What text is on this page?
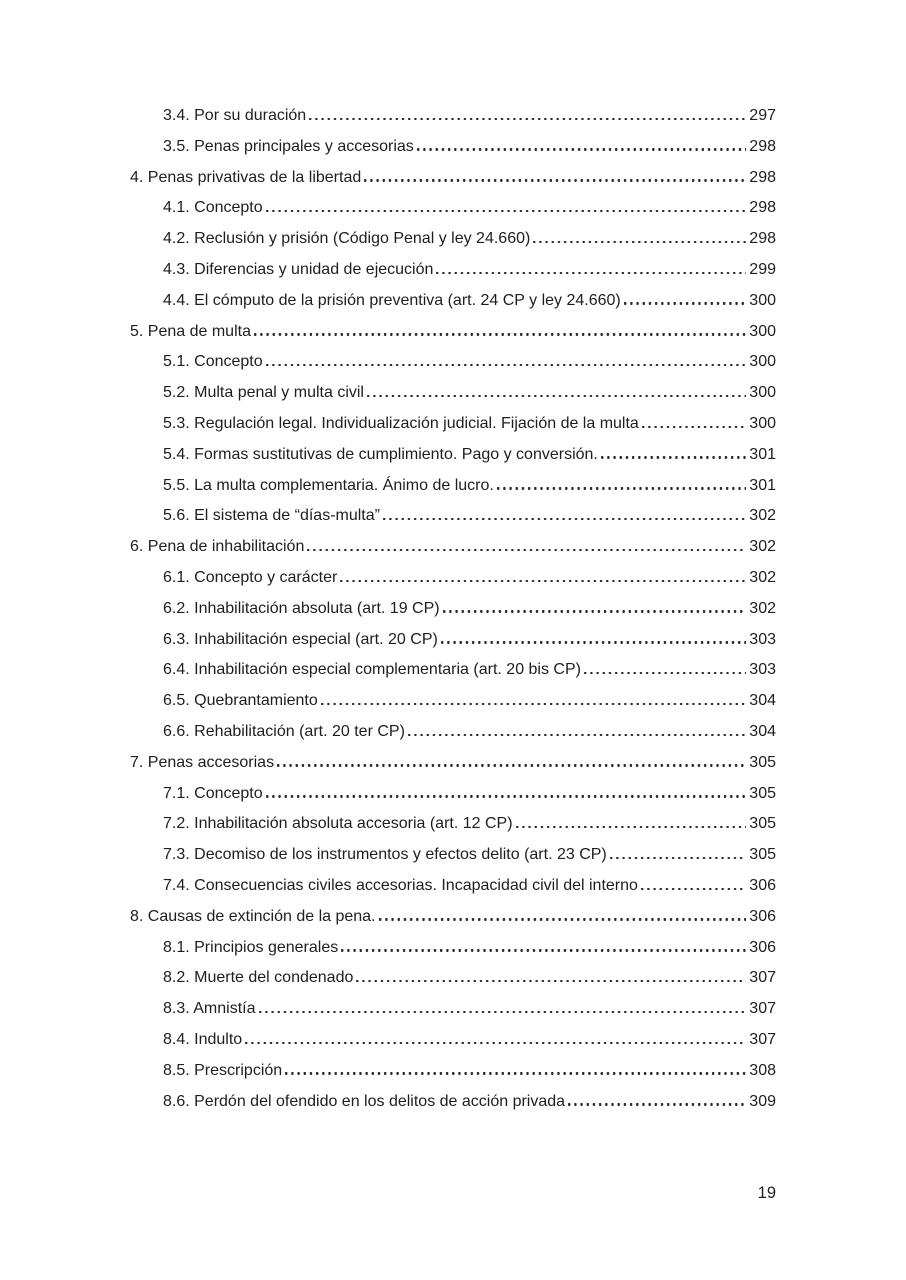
3.4. Por su duración	297
3.5. Penas principales y accesorias	298
4. Penas privativas de la libertad	298
4.1. Concepto	298
4.2. Reclusión y prisión (Código Penal y ley 24.660)	298
4.3. Diferencias y unidad de ejecución	299
4.4. El cómputo de la prisión preventiva (art. 24 CP y ley 24.660)	300
5. Pena de multa	300
5.1. Concepto	300
5.2. Multa penal y multa civil	300
5.3. Regulación legal. Individualización judicial. Fijación de la multa	300
5.4. Formas sustitutivas de cumplimiento. Pago y conversión.	301
5.5. La multa complementaria. Ánimo de lucro.	301
5.6. El sistema de “días-multa”	302
6. Pena de inhabilitación	302
6.1. Concepto y carácter	302
6.2. Inhabilitación absoluta (art. 19 CP)	302
6.3. Inhabilitación especial (art. 20 CP)	303
6.4. Inhabilitación especial complementaria (art. 20 bis CP)	303
6.5. Quebrantamiento	304
6.6. Rehabilitación (art. 20 ter CP)	304
7. Penas accesorias	305
7.1. Concepto	305
7.2. Inhabilitación absoluta accesoria (art. 12 CP)	305
7.3. Decomiso de los instrumentos y efectos delito (art. 23 CP)	305
7.4. Consecuencias civiles accesorias. Incapacidad civil del interno	306
8. Causas de extinción de la pena.	306
8.1. Principios generales	306
8.2. Muerte del condenado	307
8.3. Amnistía	307
8.4. Indulto	307
8.5. Prescripción	308
8.6. Perdón del ofendido en los delitos de acción privada	309
19
